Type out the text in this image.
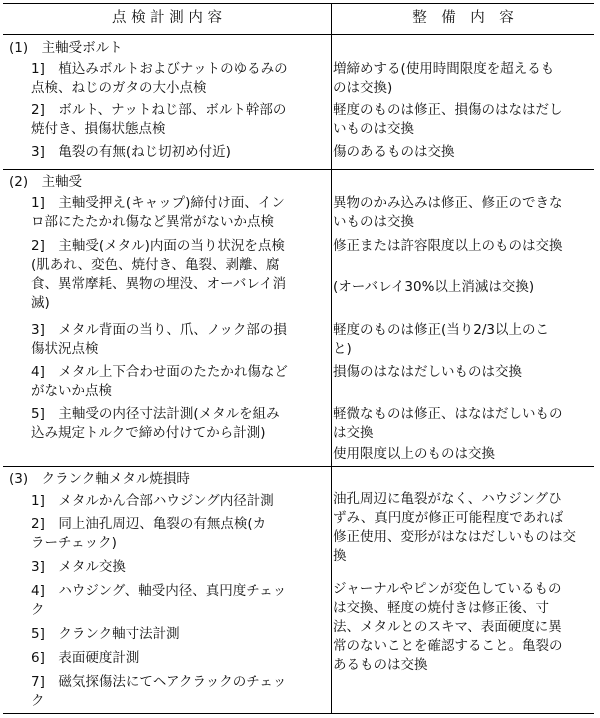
点 検 計 測 内 容	整　備　内　容
(1)　主軸受ボルト
1]　植込みボルトおよびナットのゆるみの
点検、ねじのガタの大小点検
増締めする(使用時間限度を超えるも
のは交換)
2]　ボルト、ナットねじ部、ボルト幹部の
焼付き、損傷状態点検
軽度のものは修正、損傷のはなはだし
いものは交換
3]　亀裂の有無(ねじ切初め付近)	傷のあるものは交換
(2)　主軸受
1]　主軸受押え(キャップ)締付け面、イン
ロ部にたたかれ傷など異常がないか点検
異物のかみ込みは修正、修正のできな
いものは交換
2]　主軸受(メタル)内面の当り状況を点検
(肌あれ、変色、焼付き、亀裂、剥離、腐
食、異常摩耗、異物の埋没、オーバレイ消
滅)
修正または許容限度以上のものは交換
(オーバレイ30%以上消滅は交換)
3]　メタル背面の当り、爪、ノック部の損
傷状況点検
軽度のものは修正(当り2/3以上のこ
と)
4]　メタル上下合わせ面のたたかれ傷など
がないか点検
損傷のはなはだしいものは交換
5]　主軸受の内径寸法計測(メタルを組み
込み規定トルクで締め付けてから計測)
軽微なものは修正、はなはだしいもの
は交換
使用限度以上のものは交換
(3)　クランク軸メタル焼損時
1]　メタルかん合部ハウジング内径計測
2]　同上油孔周辺、亀裂の有無点検(カ
ラーチェック)
3]　メタル交換
4]　ハウジング、軸受内径、真円度チェッ
ク
5]　クランク軸寸法計測
6]　表面硬度計測
7]　磁気探傷法にてヘアクラックのチェッ
ク
油孔周辺に亀裂がなく、ハウジングひ
ずみ、真円度が修正可能程度であれば
修正使用、変形がはなはだしいものは交
換
ジャーナルやピンが変色しているもの
は交換、軽度の焼付きは修正後、寸
法、メタルとのスキマ、表面硬度に異
常のないことを確認すること。亀裂の
あるものは交換
